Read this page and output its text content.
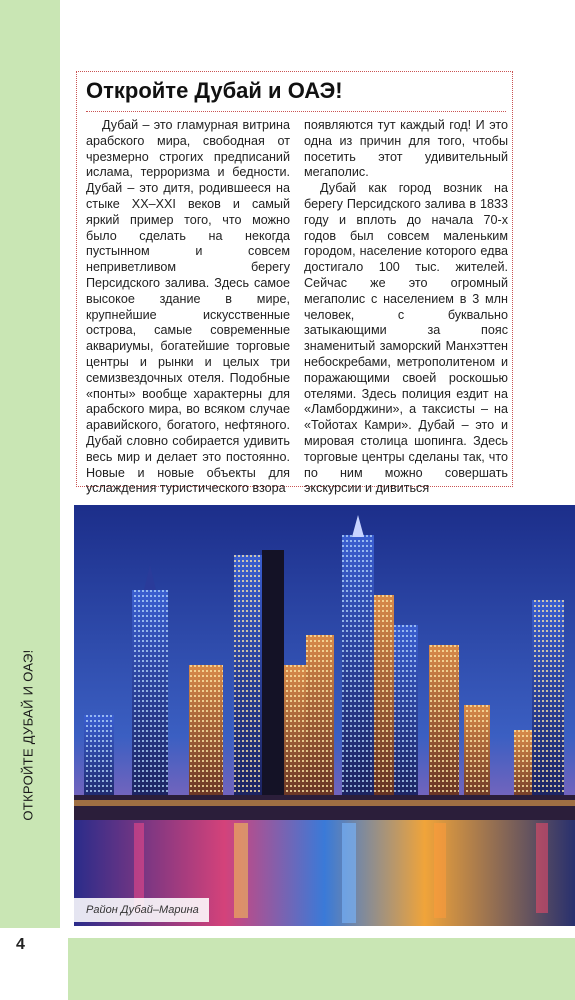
ОТКРОЙТЕ ДУБАЙ И ОАЭ!
4
Откройте Дубай и ОАЭ!

Дубай – это гламурная витрина арабского мира, свободная от чрезмерно строгих предписаний ислама, терроризма и бедности. Дубай – это дитя, родившееся на стыке XX–XXI веков и самый яркий пример того, что можно было сделать на некогда пустынном и совсем неприветливом берегу Персидского залива. Здесь самое высокое здание в мире, крупнейшие искусственные острова, самые современные аквариумы, богатейшие торговые центры и рынки и целых три семизвездочных отеля. Подобные «понты» вообще характерны для арабского мира, во всяком случае аравийского, богатого, нефтяного. Дубай словно собирается удивить весь мир и делает это постоянно. Новые и новые объекты для услаждения туристического взора

появляются тут каждый год! И это одна из причин для того, чтобы посетить этот удивительный мегаполис.

Дубай как город возник на берегу Персидского залива в 1833 году и вплоть до начала 70-х годов был совсем маленьким городом, население которого едва достигало 100 тыс. жителей. Сейчас же это огромный мегаполис с населением в 3 млн человек, с буквально затыкающими за пояс знаменитый заморский Манхэттен небоскребами, метрополитеном и поражающими своей роскошью отелями. Здесь полиция ездит на «Ламборджини», а таксисты – на «Тойотах Камри». Дубай – это и мировая столица шопинга. Здесь торговые центры сделаны так, что по ним можно совершать экскурсии и дивиться

Район Дубай–Марина
